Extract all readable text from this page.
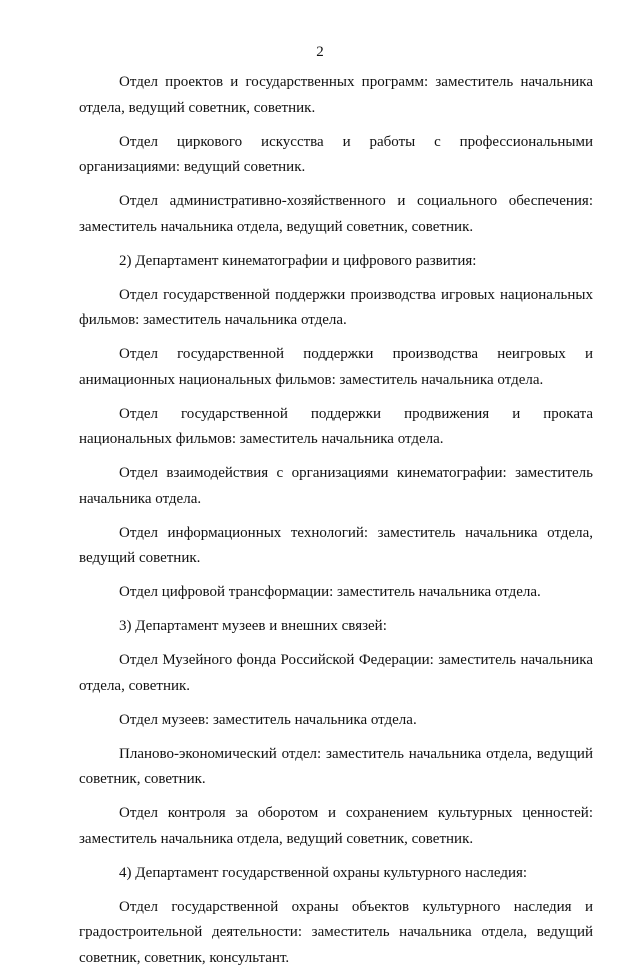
2

Отдел проектов и государственных программ: заместитель начальника отдела, ведущий советник, советник.

Отдел циркового искусства и работы с профессиональными организациями: ведущий советник.

Отдел административно-хозяйственного и социального обеспечения: заместитель начальника отдела, ведущий советник, советник.

2) Департамент кинематографии и цифрового развития:

Отдел государственной поддержки производства игровых национальных фильмов: заместитель начальника отдела.

Отдел государственной поддержки производства неигровых и анимационных национальных фильмов: заместитель начальника отдела.

Отдел государственной поддержки продвижения и проката национальных фильмов: заместитель начальника отдела.

Отдел взаимодействия с организациями кинематографии: заместитель начальника отдела.

Отдел информационных технологий: заместитель начальника отдела, ведущий советник.

Отдел цифровой трансформации: заместитель начальника отдела.

3) Департамент музеев и внешних связей:

Отдел Музейного фонда Российской Федерации: заместитель начальника отдела, советник.

Отдел музеев: заместитель начальника отдела.

Планово-экономический отдел: заместитель начальника отдела, ведущий советник, советник.

Отдел контроля за оборотом и сохранением культурных ценностей: заместитель начальника отдела, ведущий советник, советник.

4) Департамент государственной охраны культурного наследия:

Отдел государственной охраны объектов культурного наследия и градостроительной деятельности: заместитель начальника отдела, ведущий советник, советник, консультант.
